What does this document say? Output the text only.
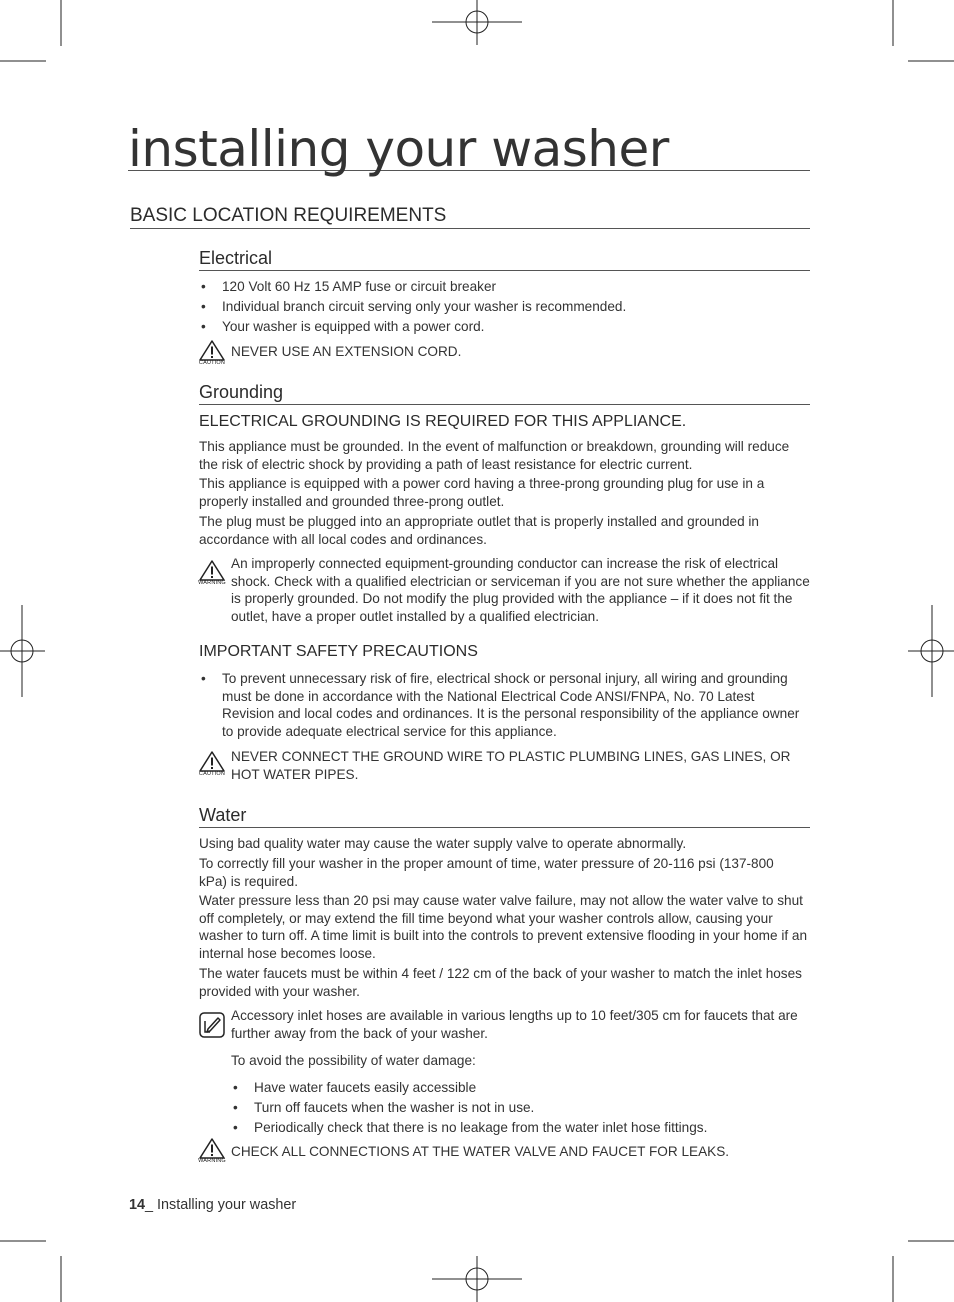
installing your washer
BASIC LOCATION REQUIREMENTS
Electrical
• 120 Volt 60 Hz 15 AMP fuse or circuit breaker
• Individual branch circuit serving only your washer is recommended.
• Your washer is equipped with a power cord.
CAUTION
NEVER USE AN EXTENSION CORD.
Grounding
ELECTRICAL GROUNDING IS REQUIRED FOR THIS APPLIANCE.
This appliance must be grounded. In the event of malfunction or breakdown, grounding will reduce the risk of electric shock by providing a path of least resistance for electric current.
This appliance is equipped with a power cord having a three-prong grounding plug for use in a properly installed and grounded three-prong outlet.
The plug must be plugged into an appropriate outlet that is properly installed and grounded in accordance with all local codes and ordinances.
WARNING
An improperly connected equipment-grounding conductor can increase the risk of electrical shock. Check with a qualified electrician or serviceman if you are not sure whether the appliance is properly grounded. Do not modify the plug provided with the appliance – if it does not fit the outlet, have a proper outlet installed by a qualified electrician.
IMPORTANT SAFETY PRECAUTIONS
• To prevent unnecessary risk of fire, electrical shock or personal injury, all wiring and grounding must be done in accordance with the National Electrical Code ANSI/FNPA, No. 70 Latest Revision and local codes and ordinances. It is the personal responsibility of the appliance owner to provide adequate electrical service for this appliance.
CAUTION
NEVER CONNECT THE GROUND WIRE TO PLASTIC PLUMBING LINES, GAS LINES, OR HOT WATER PIPES.
Water
Using bad quality water may cause the water supply valve to operate abnormally.
To correctly fill your washer in the proper amount of time, water pressure of 20-116 psi (137-800 kPa) is required.
Water pressure less than 20 psi may cause water valve failure, may not allow the water valve to shut off completely, or may extend the fill time beyond what your washer controls allow, causing your washer to turn off. A time limit is built into the controls to prevent extensive flooding in your home if an internal hose becomes loose.
The water faucets must be within 4 feet / 122 cm of the back of your washer to match the inlet hoses provided with your washer.
Accessory inlet hoses are available in various lengths up to 10 feet/305 cm for faucets that are further away from the back of your washer.
To avoid the possibility of water damage:
• Have water faucets easily accessible
• Turn off faucets when the washer is not in use.
• Periodically check that there is no leakage from the water inlet hose fittings.
WARNING
CHECK ALL CONNECTIONS AT THE WATER VALVE AND FAUCET FOR LEAKS.
14_ Installing your washer
